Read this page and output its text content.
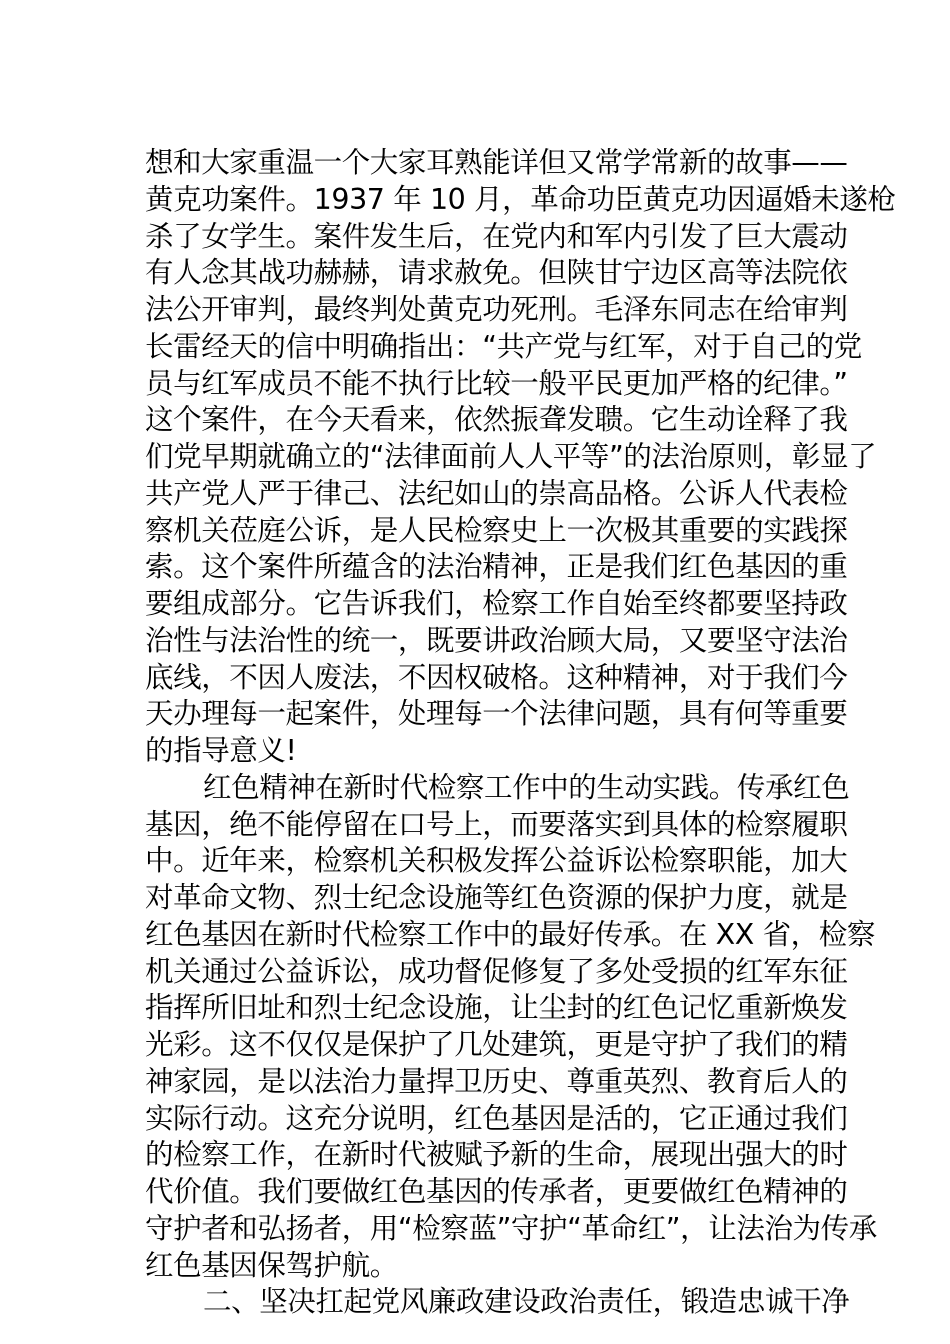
想和大家重温一个大家耳熟能详但又常学常新的故事——
黄克功案件。1937 年 10 月，革命功臣黄克功因逼婚未遂枪
杀了女学生。案件发生后，在党内和军内引发了巨大震动
有人念其战功赫赫，请求赦免。但陕甘宁边区高等法院依
法公开审判，最终判处黄克功死刑。毛泽东同志在给审判
长雷经天的信中明确指出：“共产党与红军，对于自己的党
员与红军成员不能不执行比较一般平民更加严格的纪律。”
这个案件，在今天看来，依然振聋发聩。它生动诠释了我
们党早期就确立的“法律面前人人平等”的法治原则，彰显了
共产党人严于律己、法纪如山的崇高品格。公诉人代表检
察机关莅庭公诉，是人民检察史上一次极其重要的实践探
索。这个案件所蕴含的法治精神，正是我们红色基因的重
要组成部分。它告诉我们，检察工作自始至终都要坚持政
治性与法治性的统一，既要讲政治顾大局，又要坚守法治
底线，不因人废法，不因权破格。这种精神，对于我们今
天办理每一起案件，处理每一个法律问题，具有何等重要
的指导意义!
红色精神在新时代检察工作中的生动实践。传承红色
基因，绝不能停留在口号上，而要落实到具体的检察履职
中。近年来，检察机关积极发挥公益诉讼检察职能，加大
对革命文物、烈士纪念设施等红色资源的保护力度，就是
红色基因在新时代检察工作中的最好传承。在 XX 省，检察
机关通过公益诉讼，成功督促修复了多处受损的红军东征
指挥所旧址和烈士纪念设施，让尘封的红色记忆重新焕发
光彩。这不仅仅是保护了几处建筑，更是守护了我们的精
神家园，是以法治力量捍卫历史、尊重英烈、教育后人的
实际行动。这充分说明，红色基因是活的，它正通过我们
的检察工作，在新时代被赋予新的生命，展现出强大的时
代价值。我们要做红色基因的传承者，更要做红色精神的
守护者和弘扬者，用“检察蓝”守护“革命红”，让法治为传承
红色基因保驾护航。
二、坚决扛起党风廉政建设政治责任，锻造忠诚干净
